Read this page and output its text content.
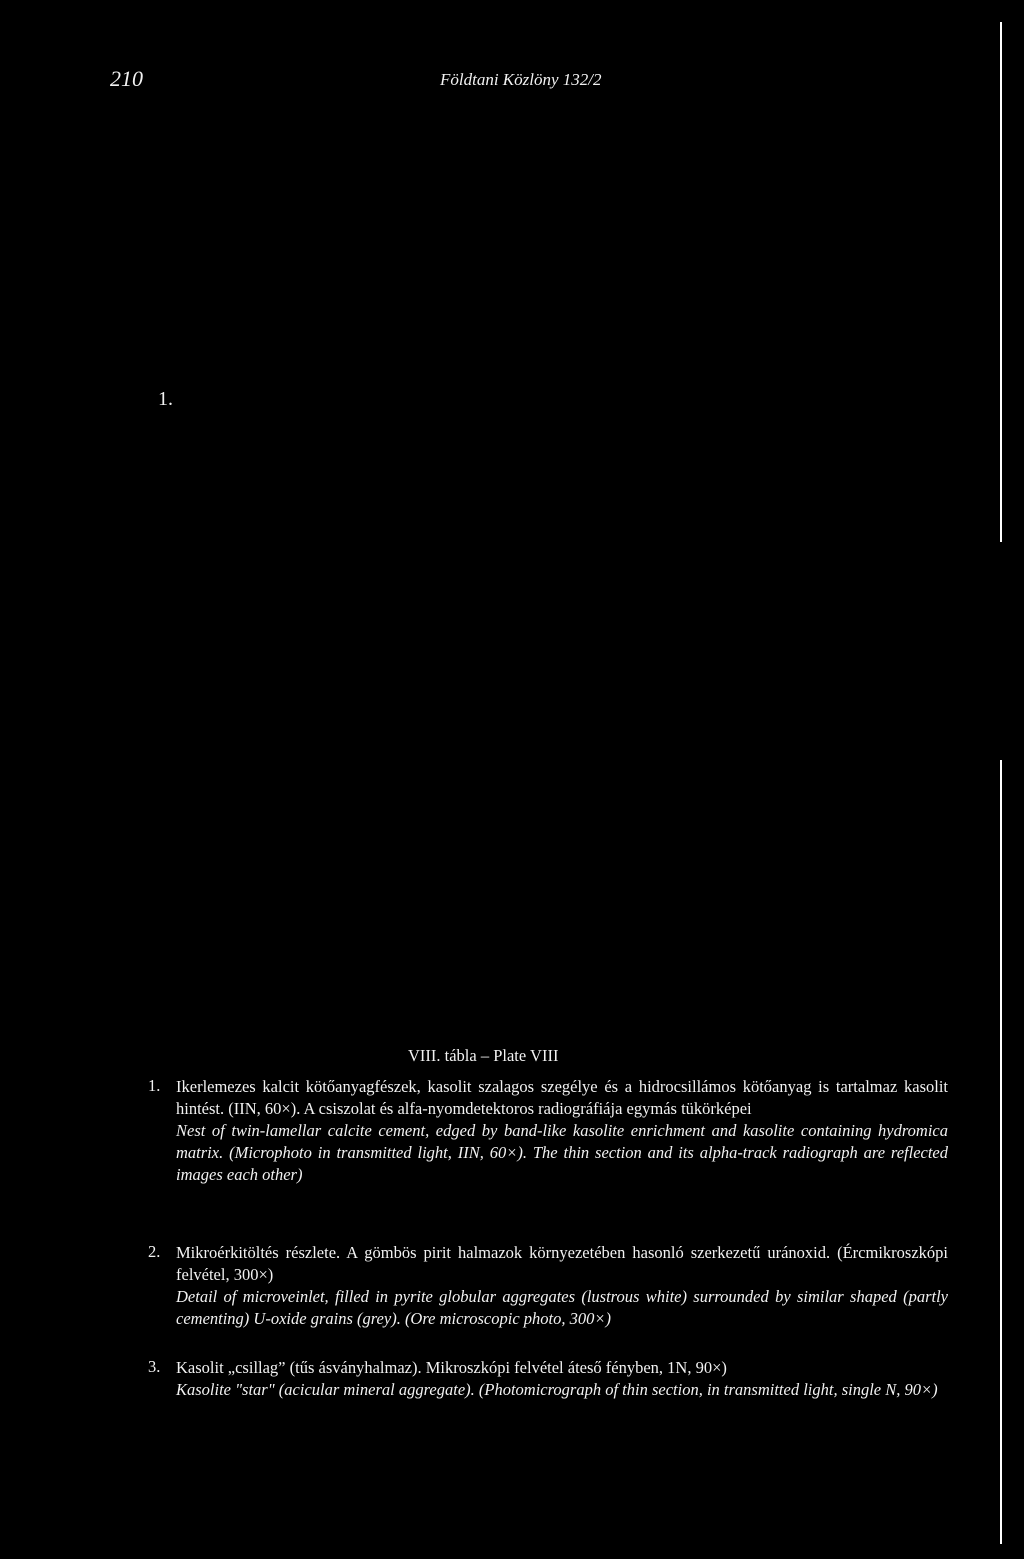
210	Földtani Közlöny 132/2
1.
VIII. tábla – Plate VIII
1. Ikerlemezes kalcit kötőanyagfészek, kasolit szalagos szegélye és a hidrocsillámos kötőanyag is tartalmaz kasolit hintést. (IIN, 60×). A csiszolat és alfa-nyomdetektoros radiográfiája egymás tükörképei
Nest of twin-lamellar calcite cement, edged by band-like kasolite enrichment and kasolite containing hydromica matrix. (Microphoto in transmitted light, IIN, 60×). The thin section and its alpha-track radiograph are reflected images each other)
2. Mikroérkitöltés részlete. A gömbös pirit halmazok környezetében hasonló szerkezetű uránoxid. (Ércmikroszkópi felvétel, 300×)
Detail of microveinlet, filled in pyrite globular aggregates (lustrous white) surrounded by similar shaped (partly cementing) U-oxide grains (grey). (Ore microscopic photo, 300×)
3. Kasolit „csillag” (tűs ásványhalmaz). Mikroszkópi felvétel áteső fényben, 1N, 90×)
Kasolite "star" (acicular mineral aggregate). (Photomicrograph of thin section, in transmitted light, single N, 90×)
